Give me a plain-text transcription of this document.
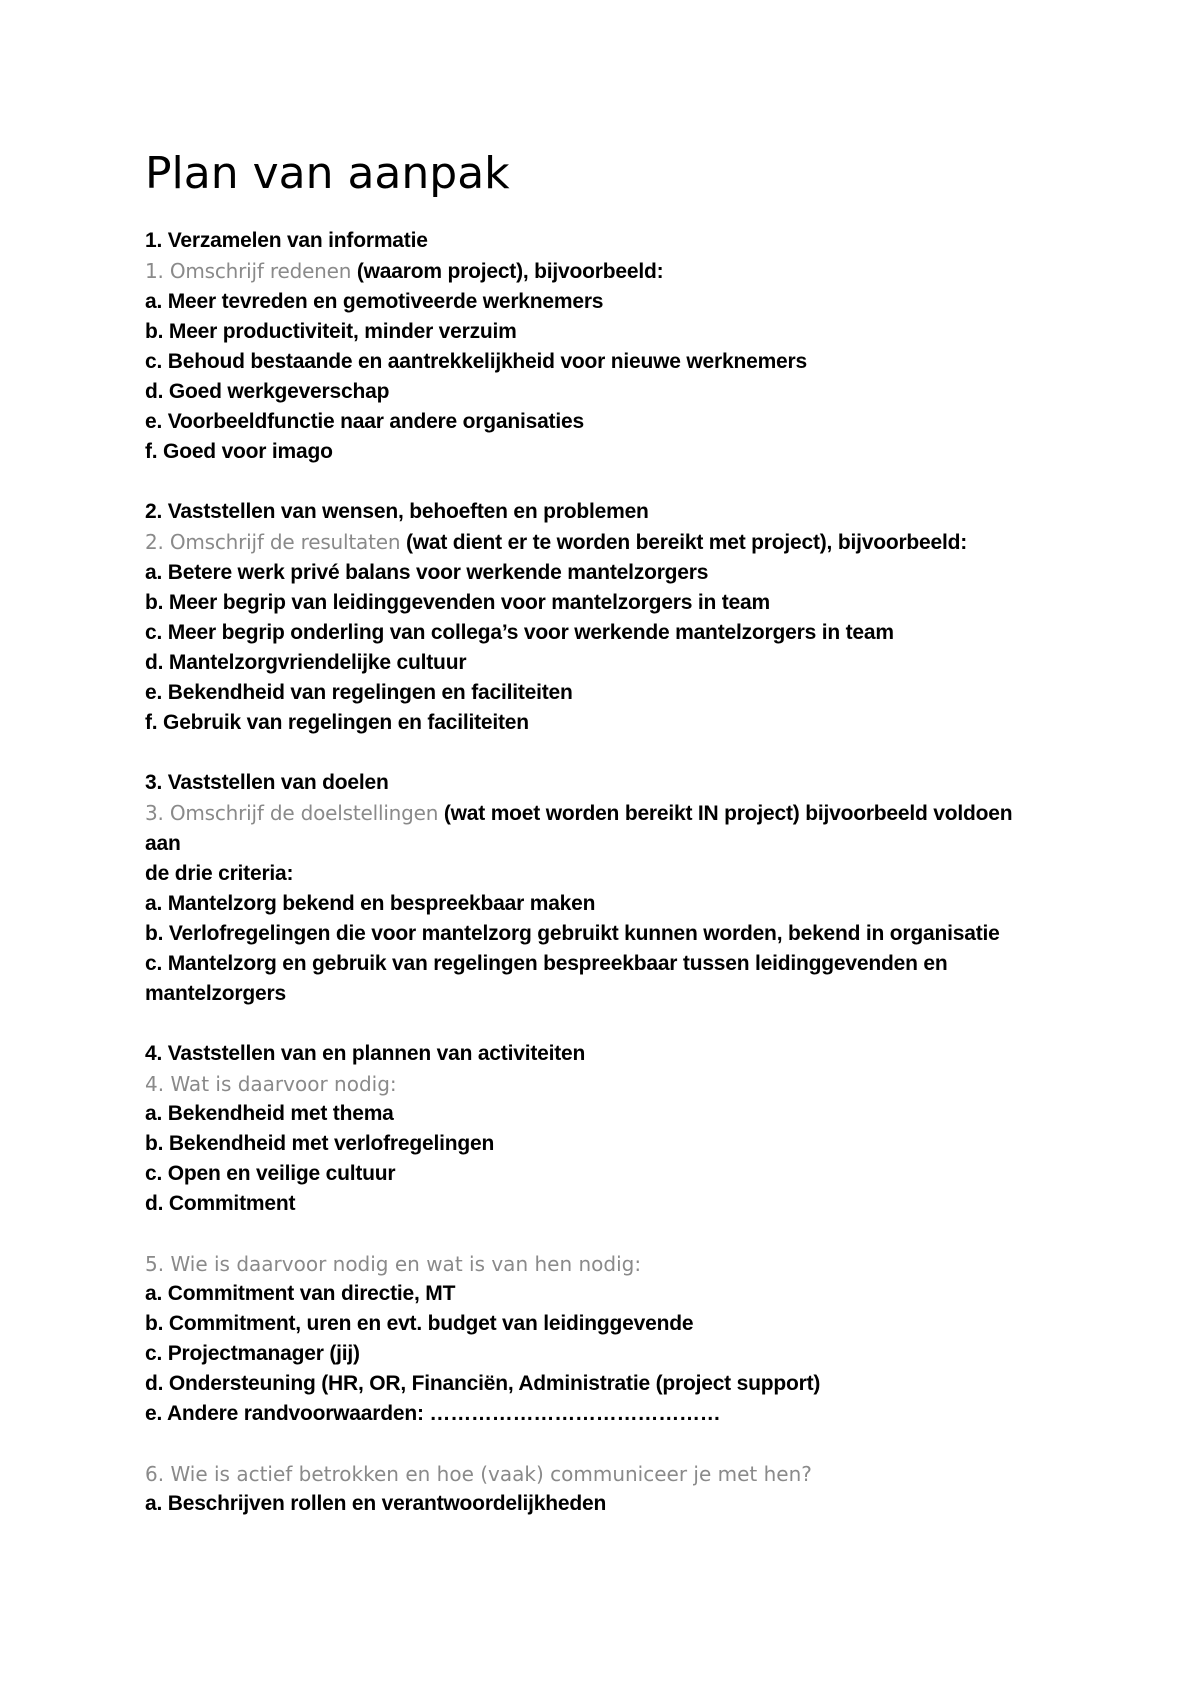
Plan van aanpak
1. Verzamelen van informatie
1. Omschrijf redenen (waarom project), bijvoorbeeld:
a. Meer tevreden en gemotiveerde werknemers
b. Meer productiviteit, minder verzuim
c. Behoud bestaande en aantrekkelijkheid voor nieuwe werknemers
d. Goed werkgeverschap
e. Voorbeeldfunctie naar andere organisaties
f. Goed voor imago
2. Vaststellen van wensen, behoeften en problemen
2. Omschrijf de resultaten (wat dient er te worden bereikt met project), bijvoorbeeld:
a. Betere werk privé balans voor werkende mantelzorgers
b. Meer begrip van leidinggevenden voor mantelzorgers in team
c. Meer begrip onderling van collega’s voor werkende mantelzorgers in team
d. Mantelzorgvriendelijke cultuur
e. Bekendheid van regelingen en faciliteiten
f. Gebruik van regelingen en faciliteiten
3. Vaststellen van doelen
3. Omschrijf de doelstellingen (wat moet worden bereikt IN project) bijvoorbeeld voldoen
aan
de drie criteria:
a. Mantelzorg bekend en bespreekbaar maken
b. Verlofregelingen die voor mantelzorg gebruikt kunnen worden, bekend in organisatie
c. Mantelzorg en gebruik van regelingen bespreekbaar tussen leidinggevenden en
mantelzorgers
4. Vaststellen van en plannen van activiteiten
4. Wat is daarvoor nodig:
a. Bekendheid met thema
b. Bekendheid met verlofregelingen
c. Open en veilige cultuur
d. Commitment
5. Wie is daarvoor nodig en wat is van hen nodig:
a. Commitment van directie, MT
b. Commitment, uren en evt. budget van leidinggevende
c. Projectmanager (jij)
d. Ondersteuning (HR, OR, Financiën, Administratie (project support)
e. Andere randvoorwaarden: ……………………………………
6. Wie is actief betrokken en hoe (vaak) communiceer je met hen?
a. Beschrijven rollen en verantwoordelijkheden
